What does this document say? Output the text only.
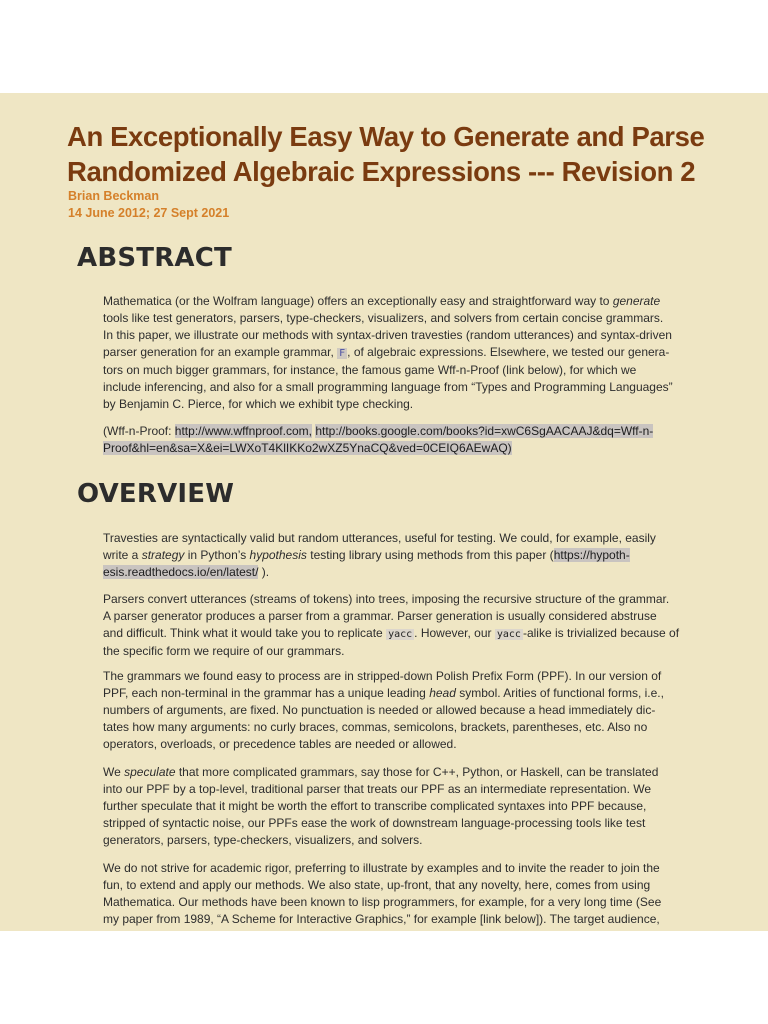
An Exceptionally Easy Way to Generate and Parse
Randomized Algebraic Expressions --- Revision 2
Brian Beckman
14 June 2012; 27 Sept 2021
ABSTRACT

Mathematica (or the Wolfram language) offers an exceptionally easy and straightforward way to generate
tools like test generators, parsers, type-checkers, visualizers, and solvers from certain concise grammars.
In this paper, we illustrate our methods with syntax-driven travesties (random utterances) and syntax-driven
parser generation for an example grammar, F , of algebraic expressions. Elsewhere, we tested our genera-
tors on much bigger grammars, for instance, the famous game Wff-n-Proof (link below), for which we
include inferencing, and also for a small programming language from “Types and Programming Languages”
by Benjamin C. Pierce, for which we exhibit type checking.

(Wff-n-Proof: http://www.wffnproof.com, http://books.google.com/books?id=xwC6SgAACAAJ&dq=Wff-n-
Proof&hl=en&sa=X&ei=LWXoT4KlIKKo2wXZ5YnaCQ&ved=0CEIQ6AEwAQ)

OVERVIEW

Travesties are syntactically valid but random utterances, useful for testing. We could, for example, easily
write a strategy in Python’s hypothesis testing library using methods from this paper (https://hypoth-
esis.readthedocs.io/en/latest/ ).

Parsers convert utterances (streams of tokens) into trees, imposing the recursive structure of the grammar.
A parser generator produces a parser from a grammar. Parser generation is usually considered abstruse
and difficult. Think what it would take you to replicate yacc . However, our yacc -alike is trivialized because of
the specific form we require of our grammars.

The grammars we found easy to process are in stripped-down Polish Prefix Form (PPF). In our version of
PPF, each non-terminal in the grammar has a unique leading head symbol. Arities of functional forms, i.e.,
numbers of arguments, are fixed. No punctuation is needed or allowed because a head immediately dic-
tates how many arguments: no curly braces, commas, semicolons, brackets, parentheses, etc. Also no
operators, overloads, or precedence tables are needed or allowed.

We speculate that more complicated grammars, say those for C++, Python, or Haskell, can be translated
into our PPF by a top-level, traditional parser that treats our PPF as an intermediate representation. We
further speculate that it might be worth the effort to transcribe complicated syntaxes into PPF because,
stripped of syntactic noise, our PPFs ease the work of downstream language-processing tools like test
generators, parsers, type-checkers, visualizers, and solvers.

We do not strive for academic rigor, preferring to illustrate by examples and to invite the reader to join the
fun, to extend and apply our methods. We also state, up-front, that any novelty, here, comes from using
Mathematica. Our methods have been known to lisp programmers, for example, for a very long time (See
my paper from 1989, “A Scheme for Interactive Graphics,” for example [link below]). The target audience,
